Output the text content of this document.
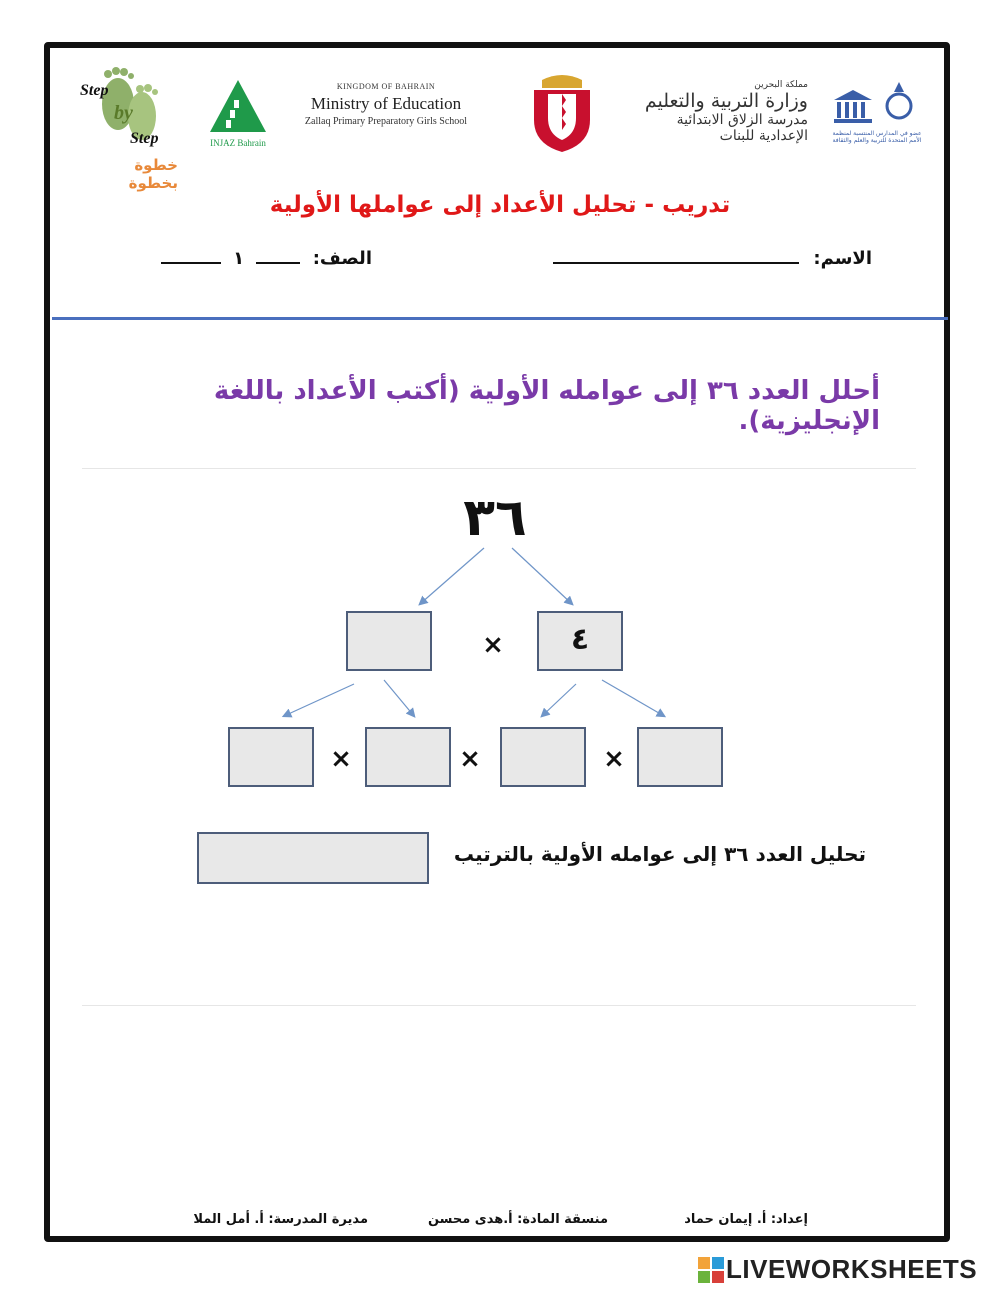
Step
by
Step
خطوة بخطوة
INJAZ Bahrain
KINGDOM OF BAHRAIN
Ministry of Education
Zallaq Primary Preparatory Girls School
مملكة البحرين
وزارة التربية والتعليم
مدرسة الزلاق الابتدائية الإعدادية للبنات	عضو في المدارس المنتسبة لمنظمة الأمم المتحدة للتربية والعلم والثقافة
تدريب - تحليل الأعداد إلى عواملها الأولية
الاسم:
الصف:  ١
أحلل العدد ٣٦ إلى عوامله الأولية (أكتب الأعداد باللغة الإنجليزية).
٣٦
×	٤
×	×	×
تحليل العدد ٣٦ إلى عوامله الأولية بالترتيب
إعداد: أ. إيمان حماد
منسقة المادة: أ.هدى محسن
مديرة المدرسة: أ. أمل الملا
LIVEWORKSHEETS
